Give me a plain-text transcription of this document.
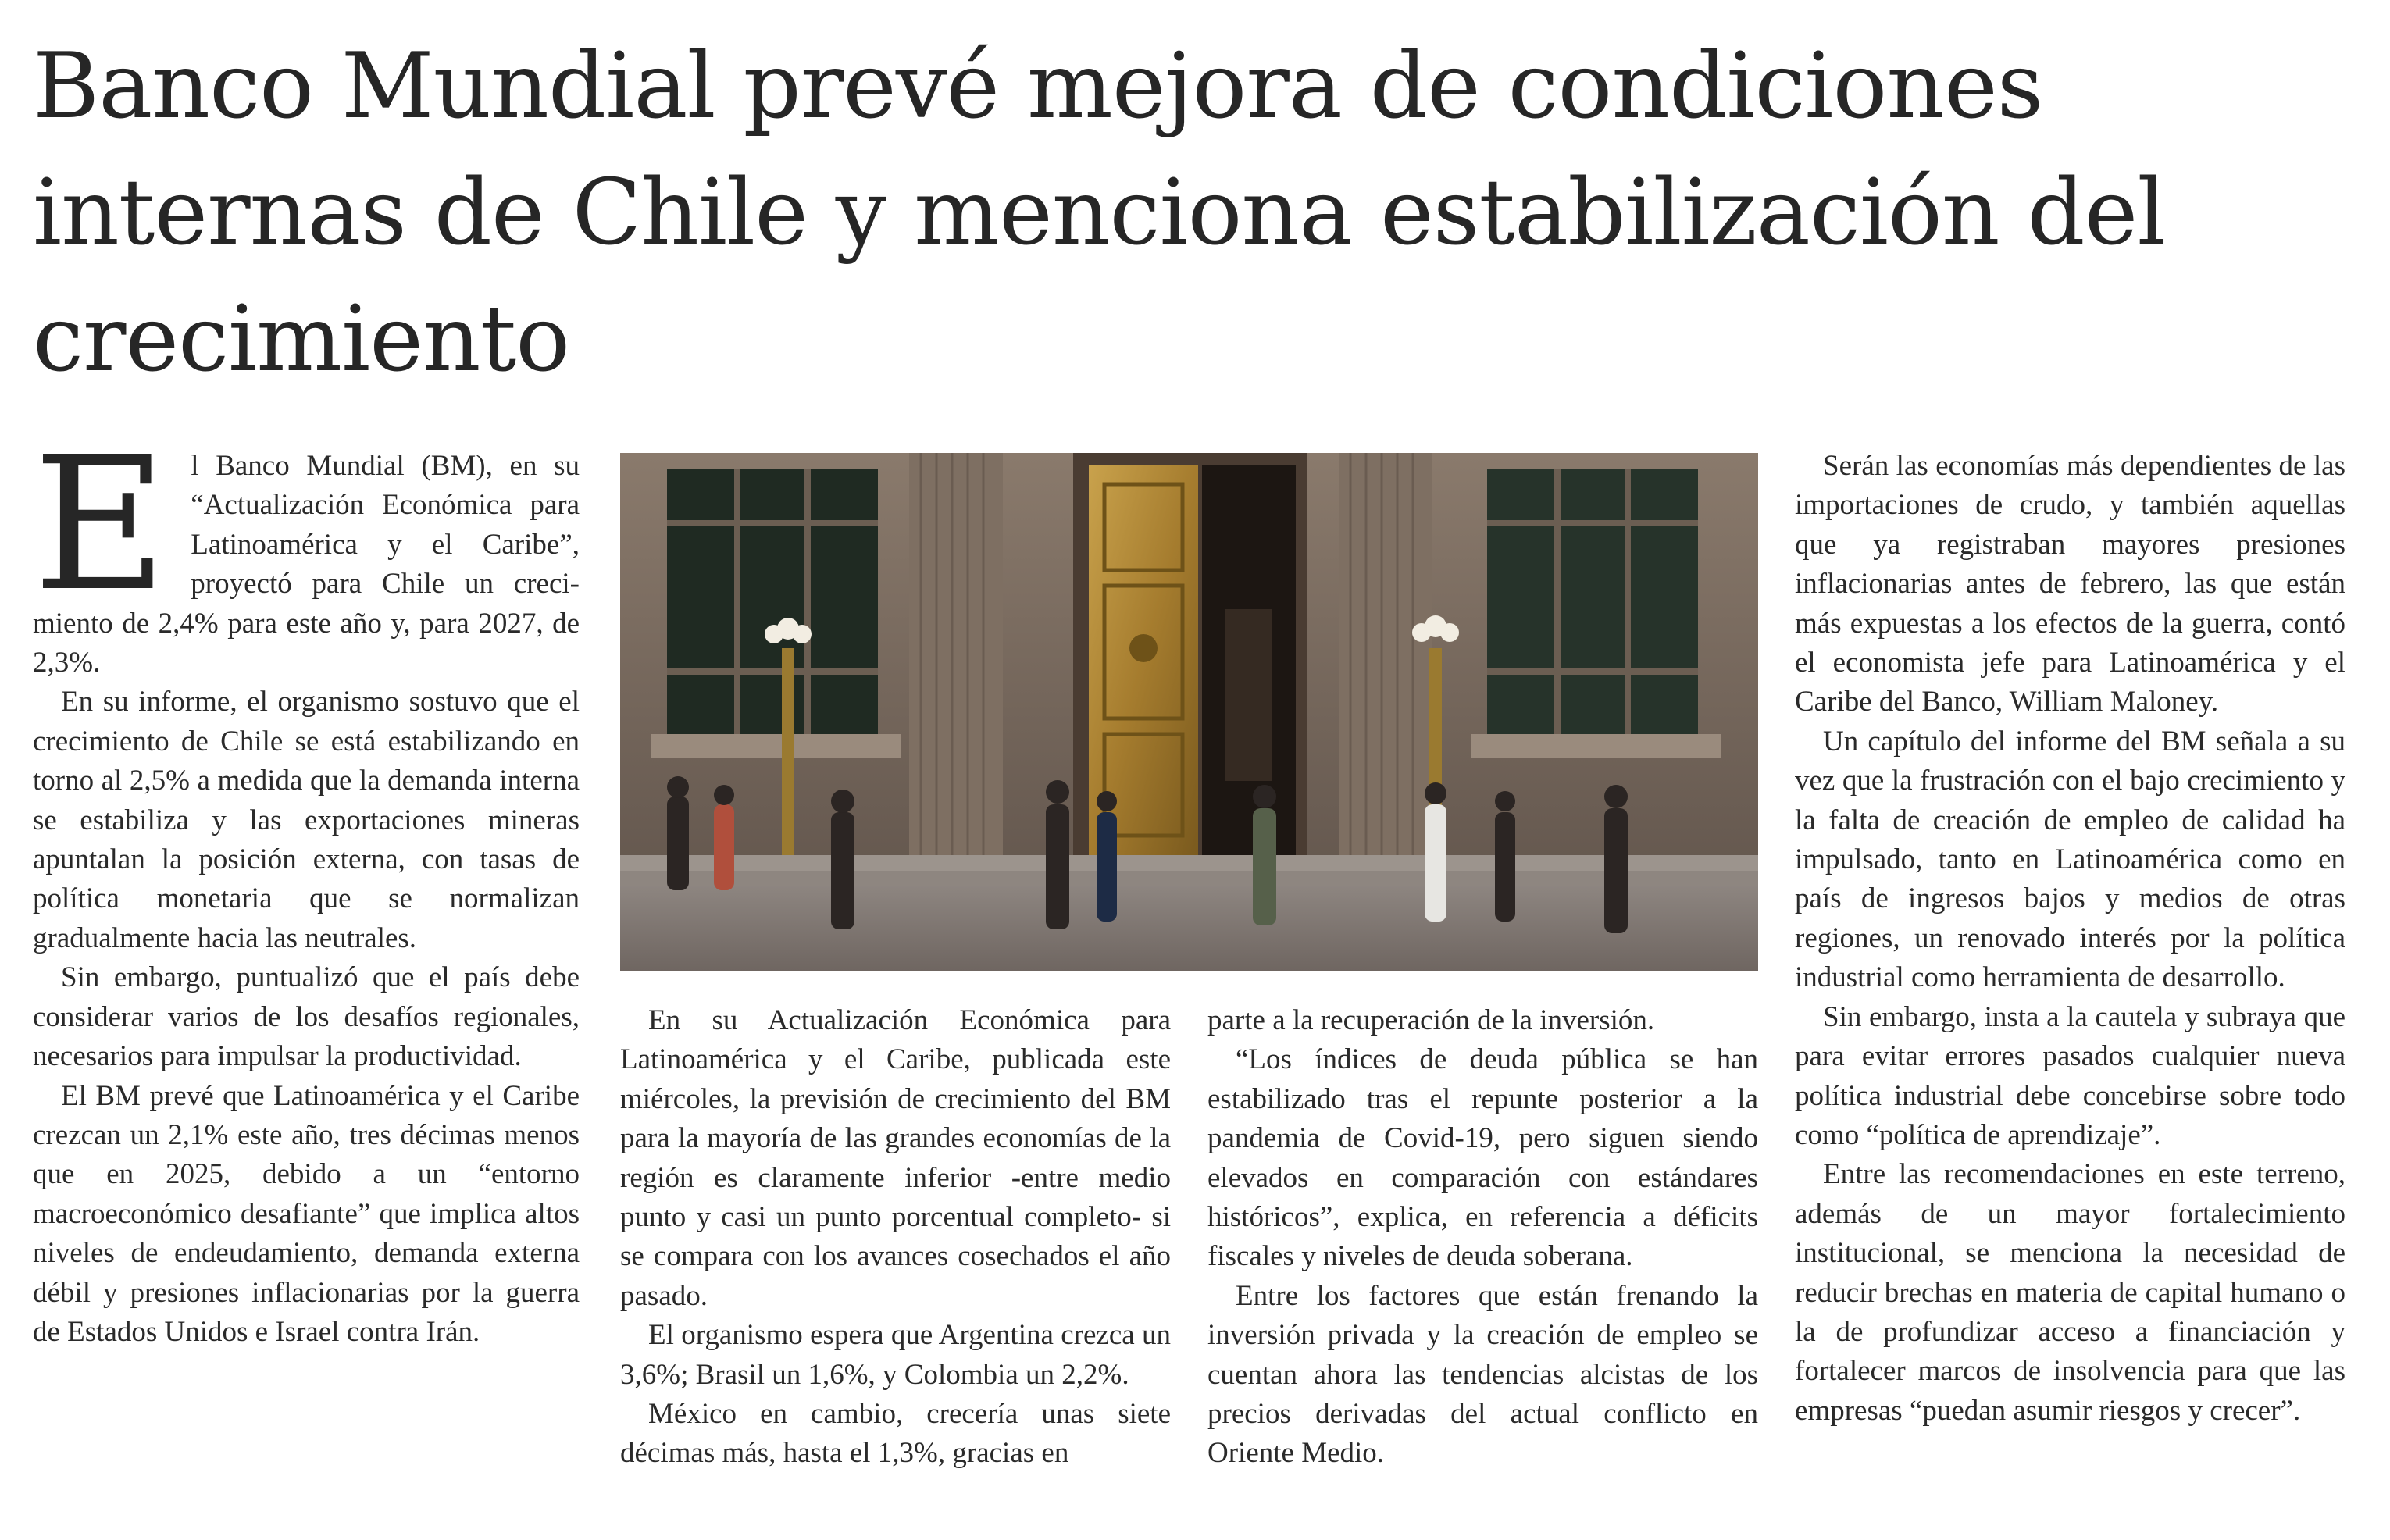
Banco Mundial prevé mejora de condiciones internas de Chile y menciona estabilización del crecimiento

El Banco Mundial (BM), en su “Actualización Económica para Latinoamérica y el Caribe”, proyectó para Chile un crecimiento de 2,4% para este año y, para 2027, de 2,3%.

En su informe, el organismo sostuvo que el crecimiento de Chile se está estabilizando en torno al 2,5% a medida que la demanda interna se estabiliza y las exportaciones mineras apuntalan la posición externa, con tasas de política monetaria que se normalizan gradualmente hacia las neutrales.

Sin embargo, puntualizó que el país debe considerar varios de los desafíos regionales, necesarios para impulsar la productividad.

El BM prevé que Latinoamérica y el Caribe crezcan un 2,1% este año, tres décimas menos que en 2025, debido a un “entorno macroeconómico desafiante” que implica altos niveles de endeudamiento, demanda externa débil y presiones inflacionarias por la guerra de Estados Unidos e Israel contra Irán.

En su Actualización Económica para Latinoamérica y el Caribe, publicada este miércoles, la previsión de crecimiento del BM para la mayoría de las grandes economías de la región es claramente inferior -entre medio punto y casi un punto porcentual completo- si se compara con los avances cosechados el año pasado.

El organismo espera que Argentina crezca un 3,6%; Brasil un 1,6%, y Colombia un 2,2%.

México en cambio, crecería unas siete décimas más, hasta el 1,3%, gracias en

parte a la recuperación de la inversión.

“Los índices de deuda pública se han estabilizado tras el repunte posterior a la pandemia de Covid-19, pero siguen siendo elevados en comparación con estándares históricos”, explica, en referencia a déficits fiscales y niveles de deuda soberana.

Entre los factores que están frenando la inversión privada y la creación de empleo se cuentan ahora las tendencias alcistas de los precios derivadas del actual conflicto en Oriente Medio.

Serán las economías más dependientes de las importaciones de crudo, y también aquellas que ya registraban mayores presiones inflacionarias antes de febrero, las que están más expuestas a los efectos de la guerra, contó el economista jefe para Latinoamérica y el Caribe del Banco, William Maloney.

Un capítulo del informe del BM señala a su vez que la frustración con el bajo crecimiento y la falta de creación de empleo de calidad ha impulsado, tanto en Latinoamérica como en país de ingresos bajos y medios de otras regiones, un renovado interés por la política industrial como herramienta de desarrollo.

Sin embargo, insta a la cautela y subraya que para evitar errores pasados cualquier nueva política industrial debe concebirse sobre todo como “política de aprendizaje”.

Entre las recomendaciones en este terreno, además de un mayor fortalecimiento institucional, se menciona la necesidad de reducir brechas en materia de capital humano o la de profundizar acceso a financiación y fortalecer marcos de insolvencia para que las empresas “puedan asumir riesgos y crecer”.
